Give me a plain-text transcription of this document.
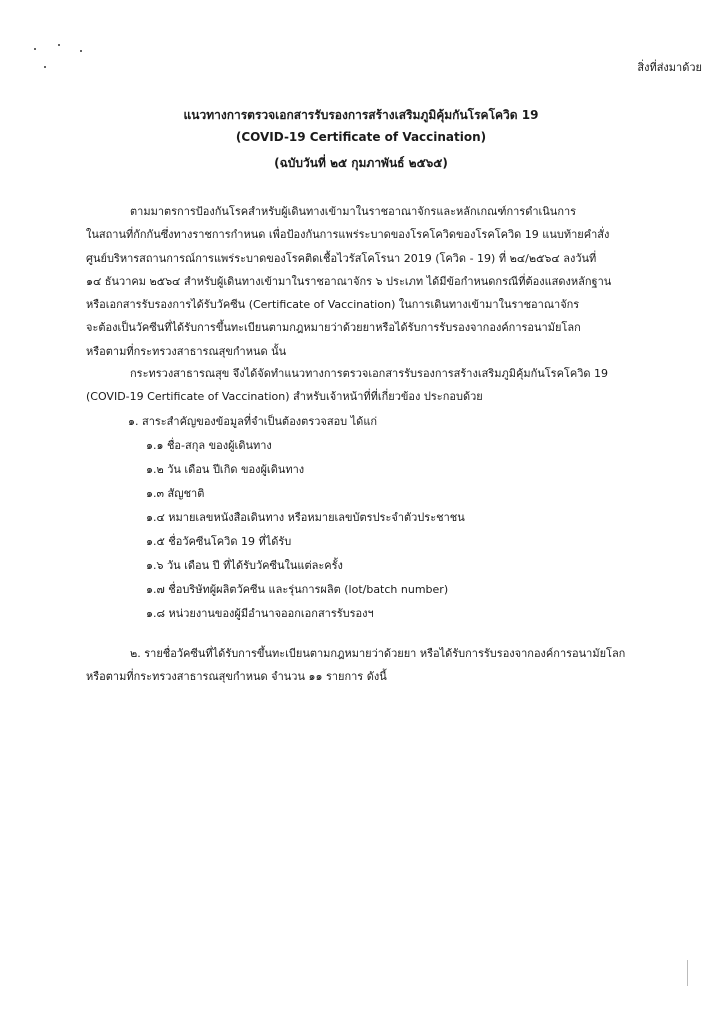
สิ่งที่ส่งมาด้วย
แนวทางการตรวจเอกสารรับรองการสร้างเสริมภูมิคุ้มกันโรคโควิด 19
(COVID-19 Certificate of Vaccination)
(ฉบับวันที่ ๒๕ กุมภาพันธ์ ๒๕๖๕)

ตามมาตรการป้องกันโรคสำหรับผู้เดินทางเข้ามาในราชอาณาจักรและหลักเกณฑ์การดำเนินการ

ในสถานที่กักกันซึ่งทางราชการกำหนด เพื่อป้องกันการแพร่ระบาดของโรคโควิดของโรคโควิด 19 แนบท้ายคำสั่ง

ศูนย์บริหารสถานการณ์การแพร่ระบาดของโรคติดเชื้อไวรัสโคโรนา 2019 (โควิด - 19) ที่ ๒๔/๒๕๖๔ ลงวันที่

๑๔ ธันวาคม ๒๕๖๔ สำหรับผู้เดินทางเข้ามาในราชอาณาจักร ๖ ประเภท ได้มีข้อกำหนดกรณีที่ต้องแสดงหลักฐาน

หรือเอกสารรับรองการได้รับวัคซีน (Certificate of Vaccination) ในการเดินทางเข้ามาในราชอาณาจักร

จะต้องเป็นวัคซีนที่ได้รับการขึ้นทะเบียนตามกฎหมายว่าด้วยยาหรือได้รับการรับรองจากองค์การอนามัยโลก

หรือตามที่กระทรวงสาธารณสุขกำหนด นั้น

กระทรวงสาธารณสุข จึงได้จัดทำแนวทางการตรวจเอกสารรับรองการสร้างเสริมภูมิคุ้มกันโรคโควิด 19

(COVID-19 Certificate of Vaccination) สำหรับเจ้าหน้าที่ที่เกี่ยวข้อง ประกอบด้วย

๑. สาระสำคัญของข้อมูลที่จำเป็นต้องตรวจสอบ ได้แก่
๑.๑ ชื่อ-สกุล ของผู้เดินทาง
๑.๒ วัน เดือน ปีเกิด ของผู้เดินทาง
๑.๓ สัญชาติ
๑.๔ หมายเลขหนังสือเดินทาง หรือหมายเลขบัตรประจำตัวประชาชน
๑.๕ ชื่อวัคซีนโควิด 19 ที่ได้รับ
๑.๖ วัน เดือน ปี ที่ได้รับวัคซีนในแต่ละครั้ง
๑.๗ ชื่อบริษัทผู้ผลิตวัคซีน และรุ่นการผลิต (lot/batch number)
๑.๘ หน่วยงานของผู้มีอำนาจออกเอกสารรับรองฯ

๒. รายชื่อวัคซีนที่ได้รับการขึ้นทะเบียนตามกฎหมายว่าด้วยยา หรือได้รับการรับรองจากองค์การอนามัยโลก

หรือตามที่กระทรวงสาธารณสุขกำหนด จำนวน ๑๑ รายการ ดังนี้
